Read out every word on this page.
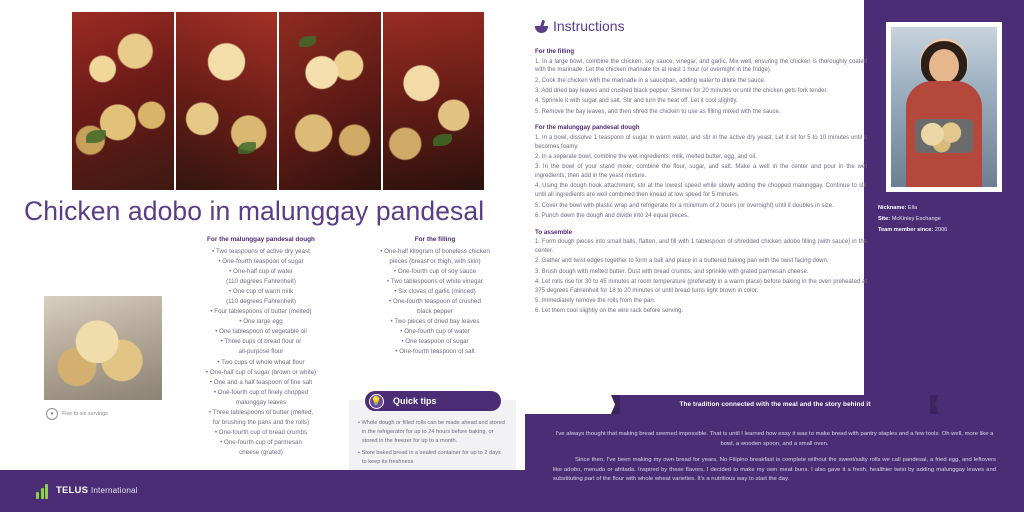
Chicken adobo in malunggay pandesal
For the malunggay pandesal dough
• Two teaspoons of active dry yeast
• One-fourth teaspoon of sugar
• One-half cup of water
(110 degrees Fahrenheit)
• One cup of warm milk
(110 degrees Fahrenheit)
• Four tablespoons of butter (melted)
• One large egg
• One tablespoon of vegetable oil
• Three cups of bread flour or
all-purpose flour
• Two cups of whole wheat flour
• One-half cup of sugar (brown or white)
• One and a half teaspoon of fine salt
• One-fourth cup of finely chopped
malunggay leaves
• Three tablespoons of butter (melted,
for brushing the pans and the rolls)
• One-fourth cup of bread crumbs
• One-fourth cup of parmesan
cheese (grated)
For the filling
• One-half kilogram of boneless chicken
pieces (breast or thigh, with skin)
• One-fourth cup of soy sauce
• Two tablespoons of white vinegar
• Six cloves of garlic (minced)
• One-fourth teaspoon of crushed
black pepper
• Two pieces of dried bay leaves
• One-fourth cup of water
• One teaspoon of sugar
• One-fourth teaspoon of salt
★ Five to six servings
💡 Quick tips
• Whole dough or filled rolls can be made ahead and stored in the refrigerator for up to 24 hours before baking, or stored in the freezer for up to a month.
• Store baked bread in a sealed container for up to 2 days to keep its freshness.
TELUS International
Instructions
For the filling

1. In a large bowl, combine the chicken, soy sauce, vinegar, and garlic. Mix well, ensuring the chicken is thoroughly coated with the marinade. Let the chicken marinate for at least 1 hour (or overnight in the fridge).

2. Cook the chicken with the marinade in a saucepan, adding water to dilute the sauce.

3. Add dried bay leaves and crushed black pepper. Simmer for 20 minutes or until the chicken gets fork tender.

4. Sprinkle it with sugar and salt. Stir and turn the heat off. Let it cool slightly.

5. Remove the bay leaves, and then shred the chicken to use as filling mixed with the sauce.

For the malunggay pandesal dough

1. In a bowl, dissolve 1 teaspoon of sugar in warm water, and stir in the active dry yeast. Let it sit for 5 to 10 minutes until it becomes foamy.

2. In a separate bowl, combine the wet ingredients: milk, melted butter, egg, and oil.

3. In the bowl of your stand mixer, combine the flour, sugar, and salt. Make a well in the center and pour in the wet ingredients, then add in the yeast mixture.

4. Using the dough hook attachment, stir at the lowest speed while slowly adding the chopped malunggay. Continue to stir until all ingredients are well combined then knead at low speed for 5 minutes.

5. Cover the bowl with plastic wrap and refrigerate for a minimum of 2 hours (or overnight) until it doubles in size.

6. Punch down the dough and divide into 24 equal pieces.

To assemble

1. Form dough pieces into small balls, flatten, and fill with 1 tablespoon of shredded chicken adobo filling (with sauce) in the center.

2. Gather and twist edges together to form a ball and place in a buttered baking pan with the twist facing down.

3. Brush dough with melted butter. Dust with bread crumbs, and sprinkle with grated parmesan cheese.

4. Let rolls rise for 30 to 45 minutes at room temperature (preferably in a warm place) before baking in the oven preheated at 375 degrees Fahrenheit for 18 to 20 minutes or until bread turns light brown in color.

5. Immediately remove the rolls from the pan.

6. Let them cool slightly on the wire rack before serving.

Nickname: Ella
Site: McKinley Exchange
Team member since: 2006

I've always thought that making bread seemed impossible. That is until I learned how easy it was to make bread with pantry staples and a few tools. Oh well, more like a bowl, a wooden spoon, and a small oven.

Since then, I've been making my own bread for years. No Filipino breakfast is complete without the sweet/salty rolls we call pandesal, a fried egg, and leftovers like adobo, menudo or afritada. Inspired by these flavors, I decided to make my own meat buns. I also gave it a fresh, healthier twist by adding malunggay leaves and substituting part of the flour with whole wheat varieties. It's a nutritious way to start the day.

The tradition connected with the meal and the story behind it
